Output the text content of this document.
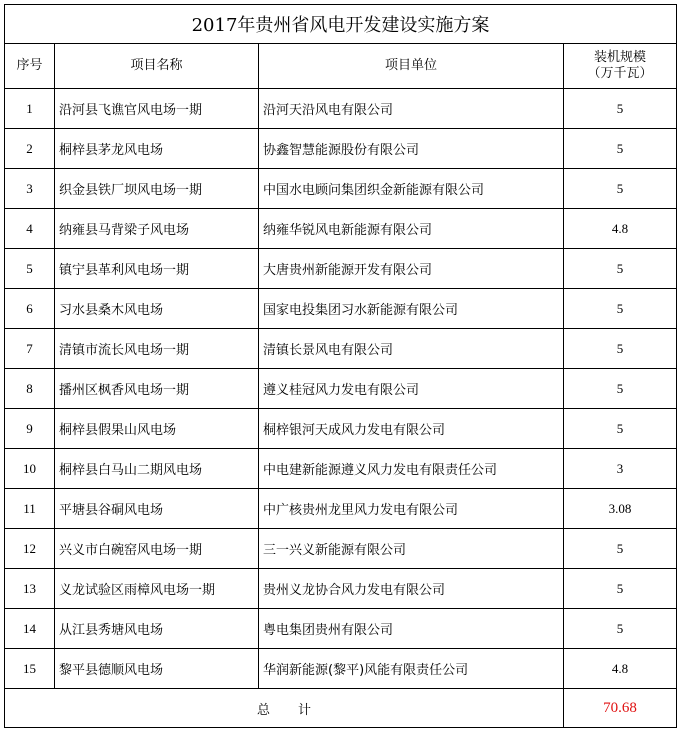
2017年贵州省风电开发建设实施方案			
序号	项目名称	项目单位	装机规模
（万千瓦）

1	沿河县飞谯官风电场一期	沿河天沿风电有限公司	5
2	桐梓县茅龙风电场	协鑫智慧能源股份有限公司	5
3	织金县铁厂坝风电场一期	中国水电顾问集团织金新能源有限公司	5
4	纳雍县马背梁子风电场	纳雍华锐风电新能源有限公司	4.8
5	镇宁县革利风电场一期	大唐贵州新能源开发有限公司	5
6	习水县桑木风电场	国家电投集团习水新能源有限公司	5
7	清镇市流长风电场一期	清镇长景风电有限公司	5
8	播州区枫香风电场一期	遵义桂冠风力发电有限公司	5
9	桐梓县假果山风电场	桐梓银河天成风力发电有限公司	5
10	桐梓县白马山二期风电场	中电建新能源遵义风力发电有限责任公司	3
11	平塘县谷硐风电场	中广核贵州龙里风力发电有限公司	3.08
12	兴义市白碗窑风电场一期	三一兴义新能源有限公司	5
13	义龙试验区雨樟风电场一期	贵州义龙协合风力发电有限公司	5
14	从江县秀塘风电场	粤电集团贵州有限公司	5
15	黎平县德顺风电场	华润新能源(黎平)风能有限责任公司	4.8
总计			70.68
